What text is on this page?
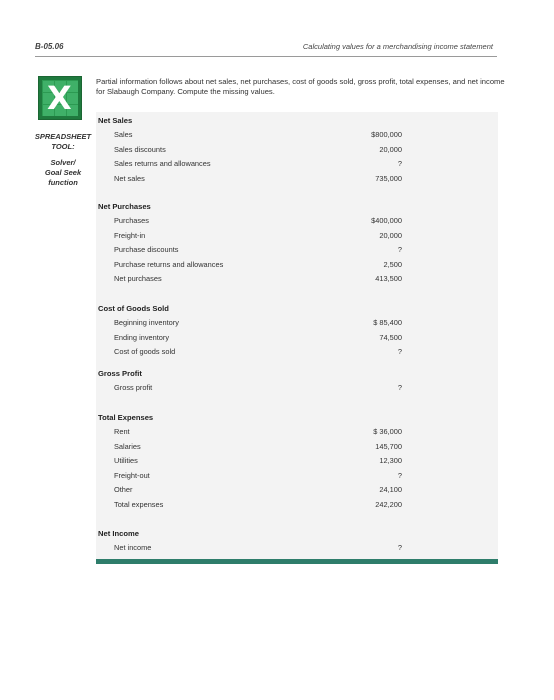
B-05.06	Calculating values for a merchandising income statement
X
SPREADSHEET
TOOL:
Solver/
Goal Seek
function
Partial information follows about net sales, net purchases, cost of goods sold, gross profit, total expenses, and net income for Slabaugh Company. Compute the missing values.
Net Sales
Sales	$800,000
Sales discounts	20,000
Sales returns and allowances	?
Net sales	735,000
Net Purchases
Purchases	$400,000
Freight-in	20,000
Purchase discounts	?
Purchase returns and allowances	2,500
Net purchases	413,500
Cost of Goods Sold
Beginning inventory	$ 85,400
Ending inventory	74,500
Cost of goods sold	?
Gross Profit
Gross profit	?
Total Expenses
Rent	$ 36,000
Salaries	145,700
Utilities	12,300
Freight-out	?
Other	24,100
Total expenses	242,200
Net Income
Net income	?
